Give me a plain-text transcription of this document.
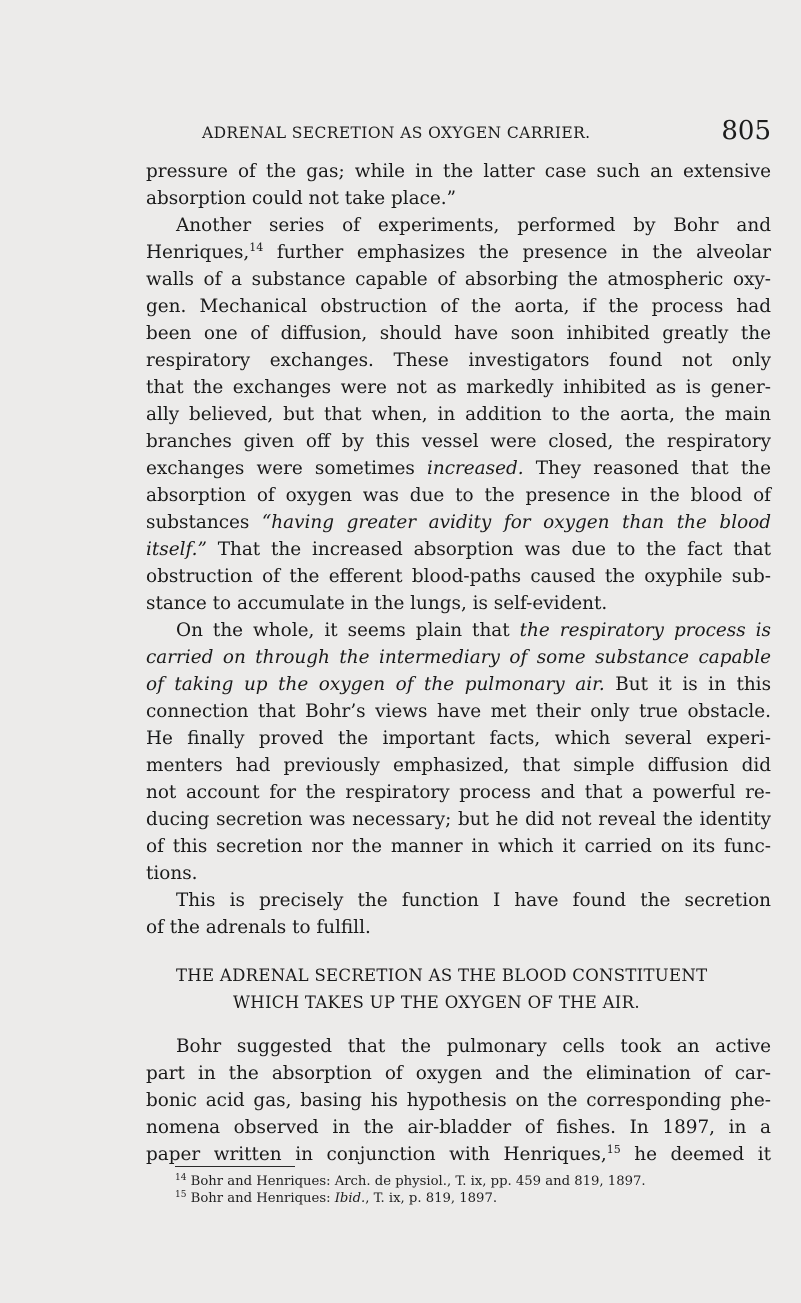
ADRENAL SECRETION AS OXYGEN CARRIER.	805
pressure of the gas; while in the latter case such an extensive
absorption could not take place.”
Another series of experiments, performed by Bohr and
Henriques,$^{14}$ further emphasizes the presence in the alveolar
walls of a substance capable of absorbing the atmospheric oxy-
gen. Mechanical obstruction of the aorta, if the process had
been one of diffusion, should have soon inhibited greatly the
respiratory exchanges. These investigators found not only
that the exchanges were not as markedly inhibited as is gener-
ally believed, but that when, in addition to the aorta, the main
branches given off by this vessel were closed, the respiratory
exchanges were sometimes increased. They reasoned that the
absorption of oxygen was due to the presence in the blood of
substances “having greater avidity for oxygen than the blood
itself.” That the increased absorption was due to the fact that
obstruction of the efferent blood-paths caused the oxyphile sub-
stance to accumulate in the lungs, is self-evident.
On the whole, it seems plain that the respiratory process is
carried on through the intermediary of some substance capable
of taking up the oxygen of the pulmonary air. But it is in this
connection that Bohr’s views have met their only true obstacle.
He finally proved the important facts, which several experi-
menters had previously emphasized, that simple diffusion did
not account for the respiratory process and that a powerful re-
ducing secretion was necessary; but he did not reveal the identity
of this secretion nor the manner in which it carried on its func-
tions.
This is precisely the function I have found the secretion
of the adrenals to fulfill.
THE ADRENAL SECRETION AS THE BLOOD CONSTITUENT
WHICH TAKES UP THE OXYGEN OF THE AIR.
Bohr suggested that the pulmonary cells took an active
part in the absorption of oxygen and the elimination of car-
bonic acid gas, basing his hypothesis on the corresponding phe-
nomena observed in the air-bladder of fishes. In 1897, in a
paper written in conjunction with Henriques,$^{15}$ he deemed it
$^{14}$ Bohr and Henriques: Arch. de physiol., T. ix, pp. 459 and 819, 1897.
$^{15}$ Bohr and Henriques: Ibid., T. ix, p. 819, 1897.
